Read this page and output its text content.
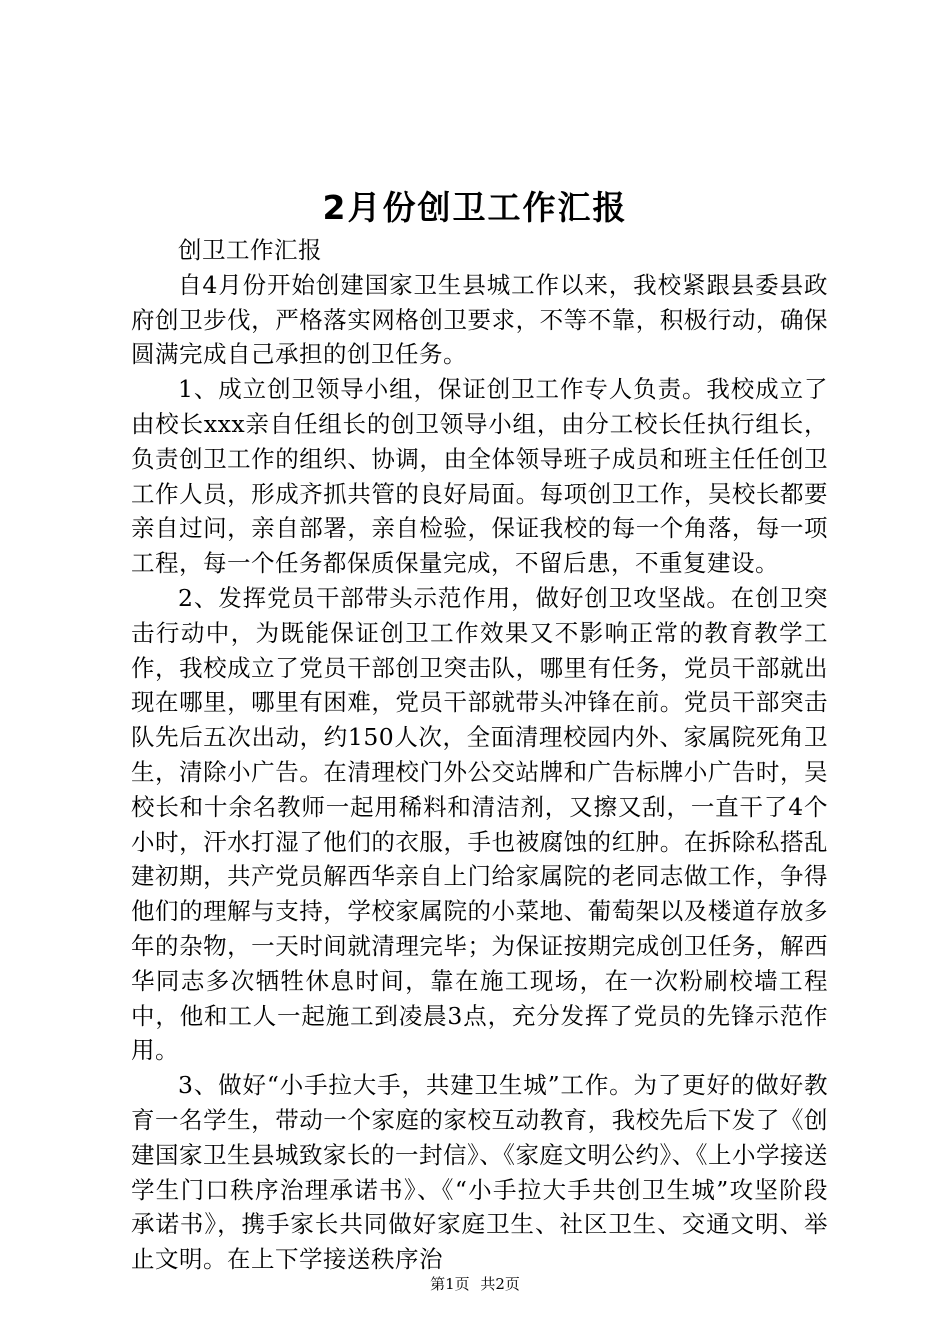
2月份创卫工作汇报

创卫工作汇报

自4月份开始创建国家卫生县城工作以来，我校紧跟县委县政府创卫步伐，严格落实网格创卫要求，不等不靠，积极行动，确保圆满完成自己承担的创卫任务。

1、成立创卫领导小组，保证创卫工作专人负责。我校成立了由校长xxx亲自任组长的创卫领导小组，由分工校长任执行组长，负责创卫工作的组织、协调，由全体领导班子成员和班主任任创卫工作人员，形成齐抓共管的良好局面。每项创卫工作，吴校长都要亲自过问，亲自部署，亲自检验，保证我校的每一个角落，每一项工程，每一个任务都保质保量完成，不留后患，不重复建设。

2、发挥党员干部带头示范作用，做好创卫攻坚战。在创卫突击行动中，为既能保证创卫工作效果又不影响正常的教育教学工作，我校成立了党员干部创卫突击队，哪里有任务，党员干部就出现在哪里，哪里有困难，党员干部就带头冲锋在前。党员干部突击队先后五次出动，约150人次，全面清理校园内外、家属院死角卫生，清除小广告。在清理校门外公交站牌和广告标牌小广告时，吴校长和十余名教师一起用稀料和清洁剂，又擦又刮，一直干了4个小时，汗水打湿了他们的衣服，手也被腐蚀的红肿。在拆除私搭乱建初期，共产党员解西华亲自上门给家属院的老同志做工作，争得他们的理解与支持，学校家属院的小菜地、葡萄架以及楼道存放多年的杂物，一天时间就清理完毕；为保证按期完成创卫任务，解西华同志多次牺牲休息时间，靠在施工现场，在一次粉刷校墙工程中，他和工人一起施工到凌晨3点，充分发挥了党员的先锋示范作用。

3、做好“小手拉大手，共建卫生城”工作。为了更好的做好教育一名学生，带动一个家庭的家校互动教育，我校先后下发了《创建国家卫生县城致家长的一封信》、《家庭文明公约》、《上小学接送学生门口秩序治理承诺书》、《“小手拉大手共创卫生城”攻坚阶段承诺书》，携手家长共同做好家庭卫生、社区卫生、交通文明、举止文明。在上下学接送秩序治

第1页 共2页
